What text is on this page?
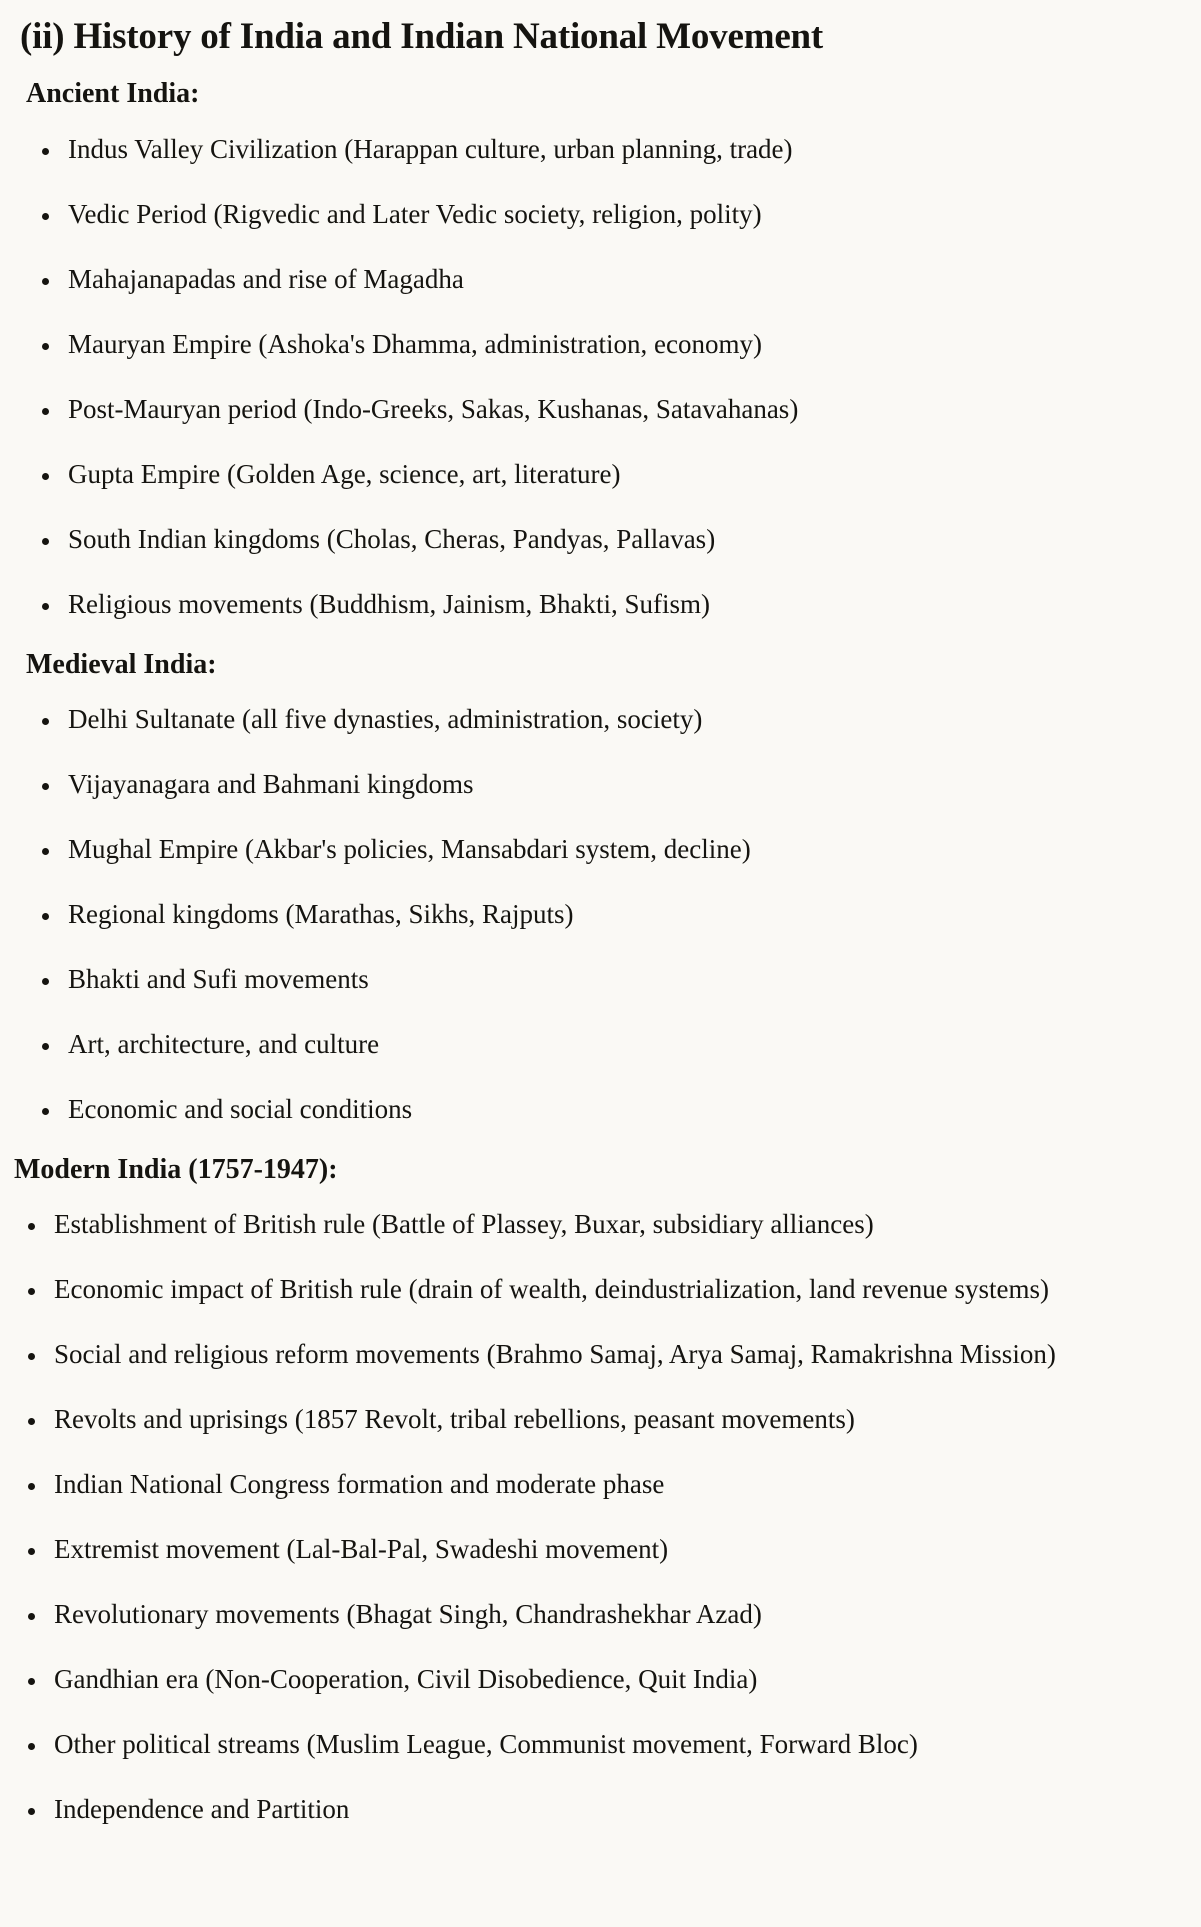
(ii) History of India and Indian National Movement
Ancient India:
• Indus Valley Civilization (Harappan culture, urban planning, trade)
• Vedic Period (Rigvedic and Later Vedic society, religion, polity)
• Mahajanapadas and rise of Magadha
• Mauryan Empire (Ashoka's Dhamma, administration, economy)
• Post-Mauryan period (Indo-Greeks, Sakas, Kushanas, Satavahanas)
• Gupta Empire (Golden Age, science, art, literature)
• South Indian kingdoms (Cholas, Cheras, Pandyas, Pallavas)
• Religious movements (Buddhism, Jainism, Bhakti, Sufism)
Medieval India:
• Delhi Sultanate (all five dynasties, administration, society)
• Vijayanagara and Bahmani kingdoms
• Mughal Empire (Akbar's policies, Mansabdari system, decline)
• Regional kingdoms (Marathas, Sikhs, Rajputs)
• Bhakti and Sufi movements
• Art, architecture, and culture
• Economic and social conditions
Modern India (1757-1947):
• Establishment of British rule (Battle of Plassey, Buxar, subsidiary alliances)
• Economic impact of British rule (drain of wealth, deindustrialization, land revenue systems)
• Social and religious reform movements (Brahmo Samaj, Arya Samaj, Ramakrishna Mission)
• Revolts and uprisings (1857 Revolt, tribal rebellions, peasant movements)
• Indian National Congress formation and moderate phase
• Extremist movement (Lal-Bal-Pal, Swadeshi movement)
• Revolutionary movements (Bhagat Singh, Chandrashekhar Azad)
• Gandhian era (Non-Cooperation, Civil Disobedience, Quit India)
• Other political streams (Muslim League, Communist movement, Forward Bloc)
• Independence and Partition
